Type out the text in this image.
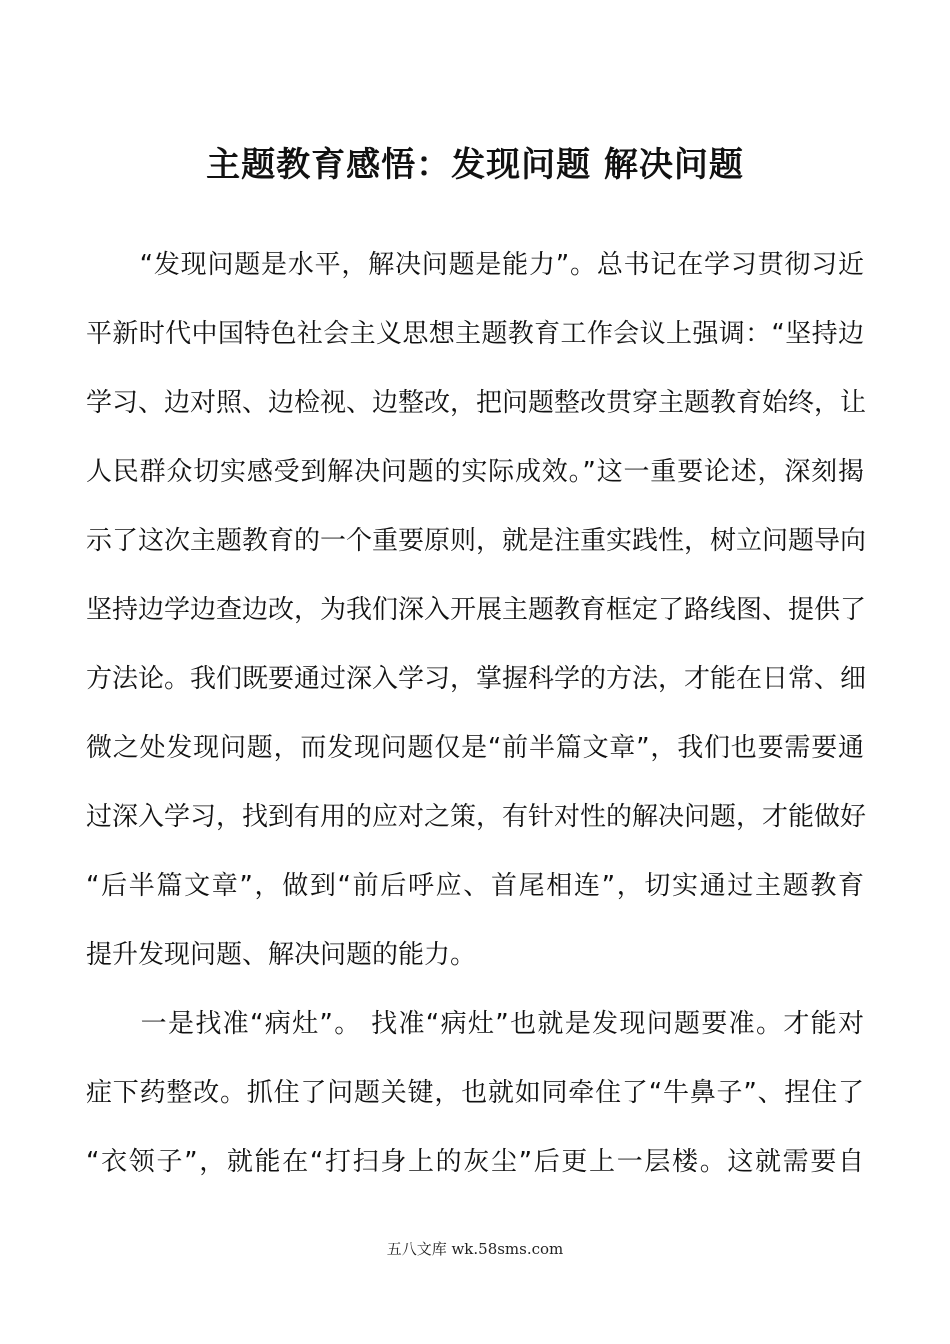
主题教育感悟：发现问题 解决问题
　　“发现问题是水平，解决问题是能力”。总书记在学习贯彻习近
平新时代中国特色社会主义思想主题教育工作会议上强调：“坚持边
学习、边对照、边检视、边整改，把问题整改贯穿主题教育始终，让
人民群众切实感受到解决问题的实际成效。”这一重要论述，深刻揭
示了这次主题教育的一个重要原则，就是注重实践性，树立问题导向
坚持边学边查边改，为我们深入开展主题教育框定了路线图、提供了
方法论。我们既要通过深入学习，掌握科学的方法，才能在日常、细
微之处发现问题，而发现问题仅是“前半篇文章”，我们也要需要通
过深入学习，找到有用的应对之策，有针对性的解决问题，才能做好
“后半篇文章”，做到“前后呼应、首尾相连”，切实通过主题教育
提升发现问题、解决问题的能力。
　　一是找准“病灶”。 找准“病灶”也就是发现问题要准。才能对
症下药整改。抓住了问题关键，也就如同牵住了“牛鼻子”、捏住了
“衣领子”，就能在“打扫身上的灰尘”后更上一层楼。这就需要自
五八文库 wk.58sms.com
